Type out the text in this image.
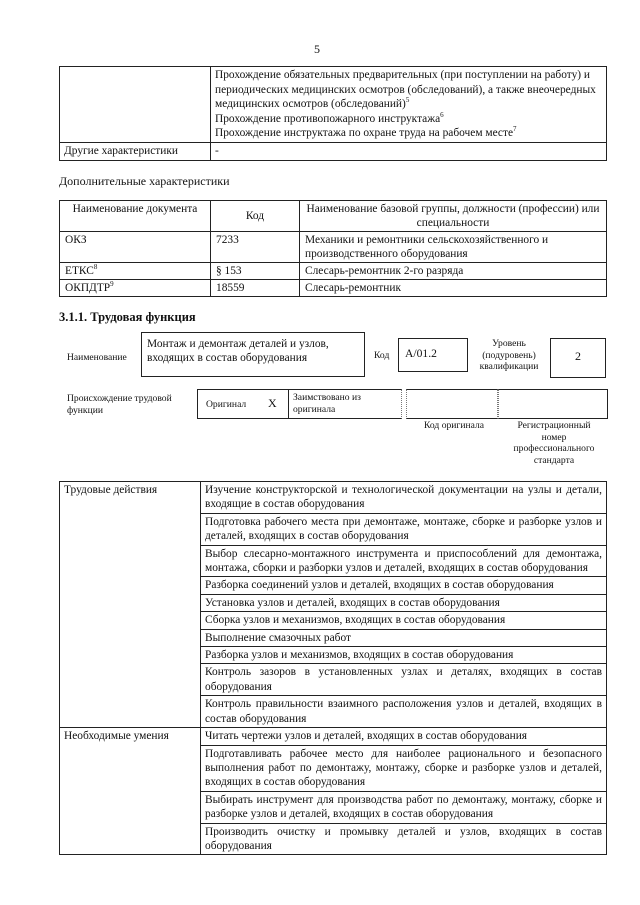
5

	Прохождение обязательных предварительных (при поступлении на работу) и периодических медицинских осмотров (обследований), а также внеочередных медицинских осмотров (обследований)$^5$
Прохождение противопожарного инструктажа$^6$
Прохождение инструктажа по охране труда на рабочем месте$^7$

Другие характеристики	-
Дополнительные характеристики
Наименование документа	Код	Наименование базовой группы, должности (профессии) или специальности
ОКЗ	7233	Механики и ремонтники сельскохозяйственного и производственного оборудования
ЕТКС$^8$	§ 153	Слесарь-ремонтник 2-го разряда
ОКПДТР$^9$	18559	Слесарь-ремонтник
3.1.1. Трудовая функция
Наименование
Монтаж и демонтаж деталей и узлов, входящих в состав оборудования	Код	A/01.2
Уровень (подуровень) квалификации
2
Происхождение трудовой функции	Оригинал X	Заимствовано из оригинала
Код оригинала	Регистрационный номер профессионального стандарта
Трудовые действия	Изучение конструкторской и технологической документации на узлы и детали, входящие в состав оборудования
	Подготовка рабочего места при демонтаже, монтаже, сборке и разборке узлов и деталей, входящих в состав оборудования
	Выбор слесарно-монтажного инструмента и приспособлений для демонтажа, монтажа, сборки и разборки узлов и деталей, входящих в состав оборудования
	Разборка соединений узлов и деталей, входящих в состав оборудования
	Установка узлов и деталей, входящих в состав оборудования
	Сборка узлов и механизмов, входящих в состав оборудования
	Выполнение смазочных работ
	Разборка узлов и механизмов, входящих в состав оборудования
	Контроль зазоров в установленных узлах и деталях, входящих в состав оборудования
	Контроль правильности взаимного расположения узлов и деталей, входящих в состав оборудования
Необходимые умения	Читать чертежи узлов и деталей, входящих в состав оборудования
	Подготавливать рабочее место для наиболее рационального и безопасного выполнения работ по демонтажу, монтажу, сборке и разборке узлов и деталей, входящих в состав оборудования
	Выбирать инструмент для производства работ по демонтажу, монтажу, сборке и разборке узлов и деталей, входящих в состав оборудования
	Производить очистку и промывку деталей и узлов, входящих в состав оборудования
